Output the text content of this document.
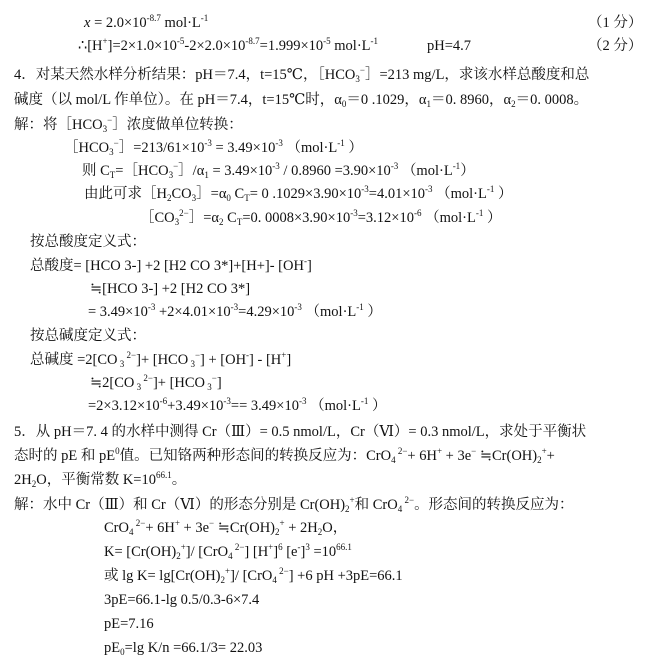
$x = 2.0\times 10^{-8.7}$ $mol\cdot L^{-1}$	（1 分）
$\therefore[H^+]=2\times 1.0\times 10^{-5}-2\times 2.0\times 10^{-8.7}=1.999\times 10^{-5}$ $mol\cdot L^{-1}$	pH=4.7	（2 分）
4．对某天然水样分析结果：pH＝7.4，t=15℃，$[HCO_3^-]=213$ mg/L，求该水样总酸度和总
碱度（以 mol/L 作单位）。在 pH＝7.4，t=15℃时，$\alpha_0=0$ .1029，$\alpha_1=0$. 8960，$\alpha_2=0$. 0008。
解：将$[HCO_3^-]$浓度做单位转换：
$[HCO_3^-]=213/61\times 10^{-3} = 3.49\times 10^{-3}$ （$mol\cdot L^{-1}$ ）
则 $C_T=[HCO_3^-]/\alpha_1 = 3.49\times 10^{-3} / 0.8960 =3.90\times 10^{-3}$ $(mol\cdot L^{-1})$
由此可求$[H_2CO_3]=\alpha_0$ $C_T= 0$ $.1029\times 3.90\times 10^{-3}=4.01\times 10^{-3}$ （$mol\cdot L^{-1}$ ）
$[CO_3^{2-}]=\alpha_2$ $C_T=0$. $0008\times 3.90\times 10^{-3}=3.12\times 10^{-6}$ （$mol\cdot L^{-1}$ ）
按总酸度定义式：
总酸度= [HCO 3-] +2 [H2 CO 3*]+[H+]- [OH-]
≒[HCO 3-] +2 [H2 CO 3*]
= $3.49\times 10^{-3} +2\times 4.01\times 10^{-3}=4.29\times 10^{-3}$ （$mol\cdot L^{-1}$ ）
按总碱度定义式：
总碱度 =2[CO $_3$ $^{2-}$]+ [HCO $_3$−] + [OH-] - [H+]
≒2[CO $_3$ $^{2-}$]+ [HCO $_3$−]
$=2\times 3.12\times 10^{-6}+3.49\times 10^{-3}== 3.49\times 10^{-3}$ （$mol\cdot L^{-1}$ ）
5．从 pH＝7. 4 的水样中测得 Cr（Ⅲ）= 0.5 nmol/L，Cr（Ⅵ）= 0.3 nmol/L，求处于平衡状
态时的 pE 和 $pE^0$值。已知铬两种形态间的转换反应为：CrO$_4$ $^{2-}$+ 6H+ + 3e− $≒Cr(OH)_2^++$
$2H_2O$，平衡常数 $K=10^{66.1}$。
解：水中 Cr（Ⅲ）和 Cr（Ⅵ）的形态分别是 $Cr(OH)_2^+$和 CrO$_4$ $^{2-}$。形态间的转换反应为：
CrO$_4$ $^{2-}$+ 6H+ + 3e− $≒Cr(OH)_2^+ + 2H_2O$，
$K= [Cr(OH)_2^+]/$ [CrO$_4$ $^{2-}$] $[H^+]^6$ $[e^-]^3 =10^{66.1}$
或 $\lg K= \lg[Cr(OH)_2^+]/$ [CrO$_4$ $^{2-}$] +6 pH +3pE=66.1
3pE=66.1-lg 0.5/0.3-6×7.4
pE=7.16
$pE_0=\lg$ K/n =66.1/3= 22.03
